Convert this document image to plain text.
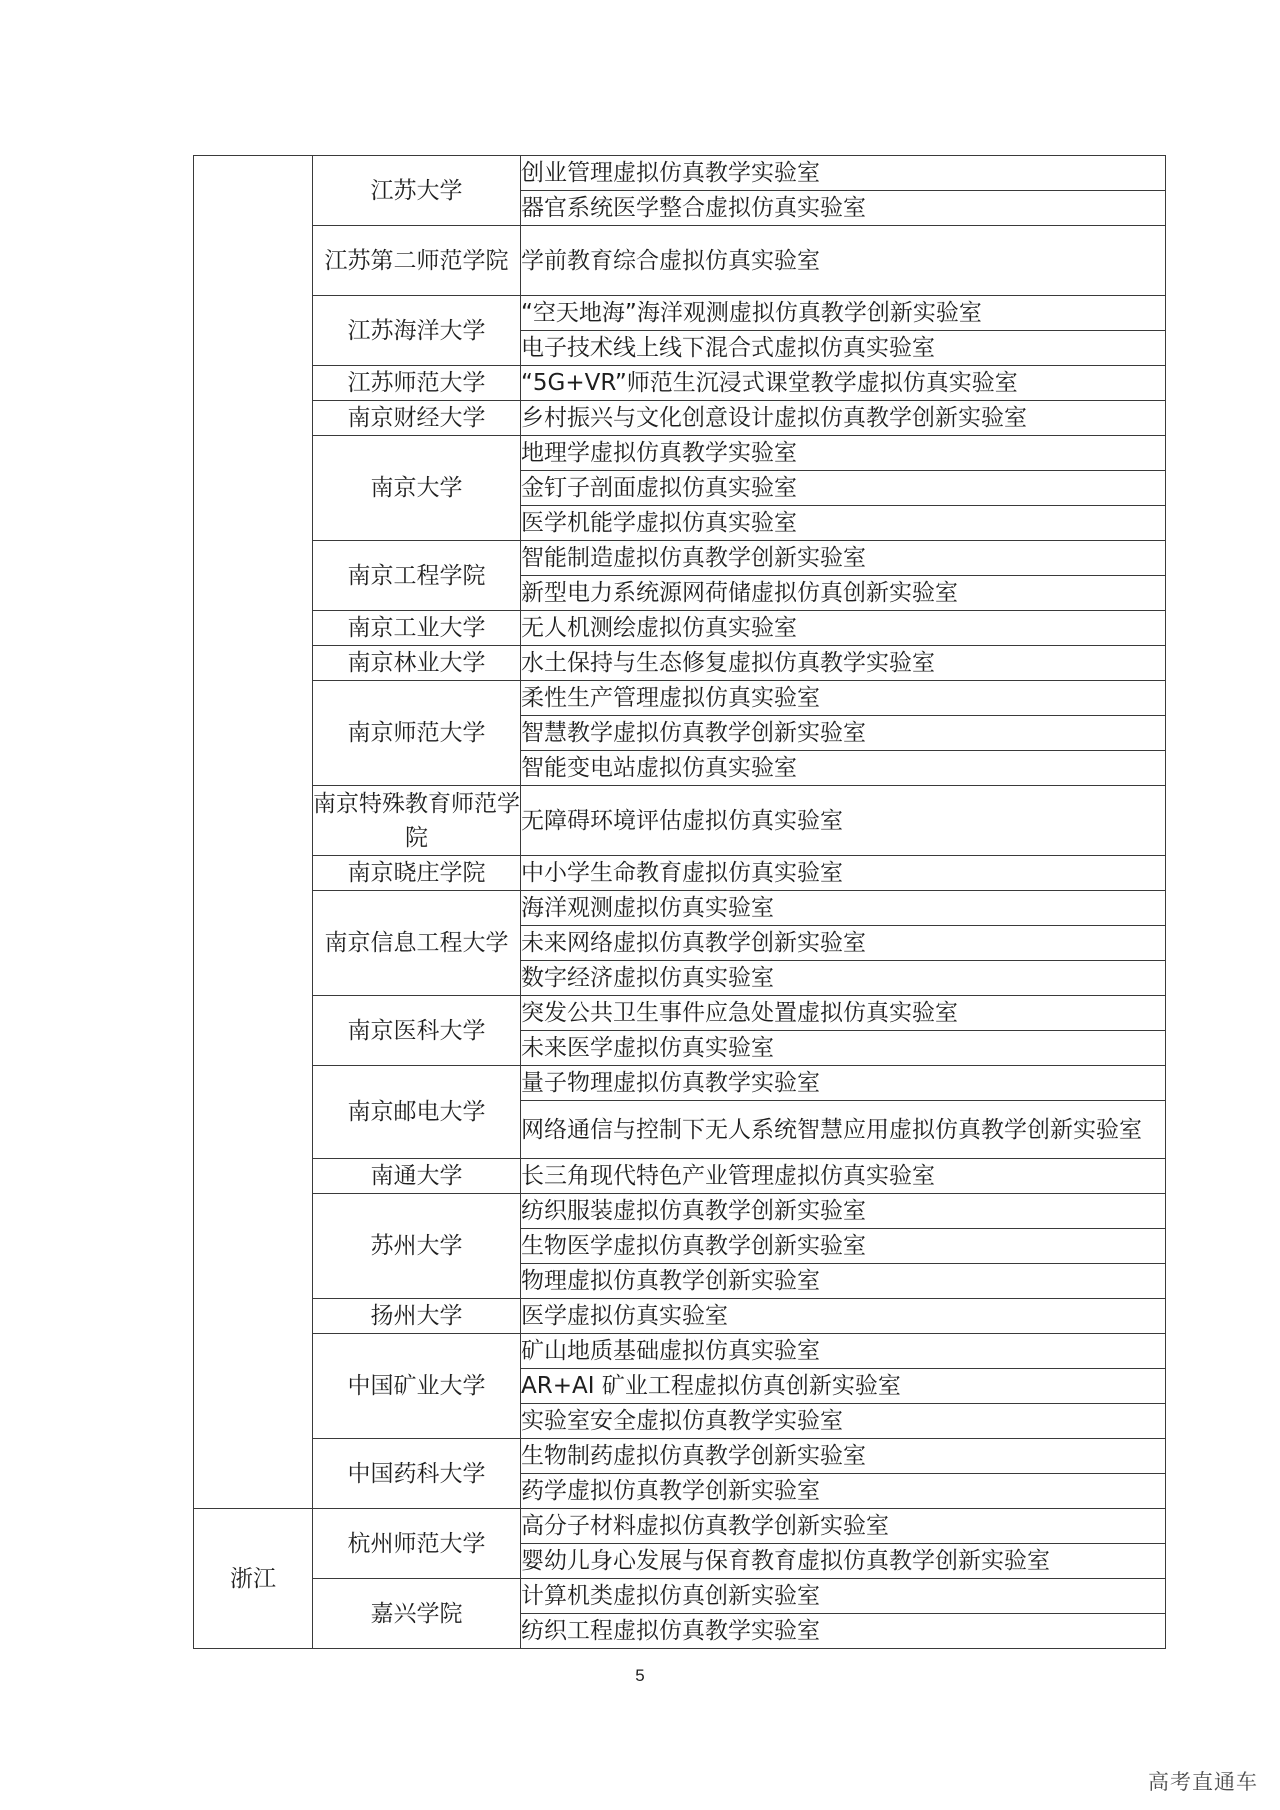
	江苏大学	创业管理虚拟仿真教学实验室
		器官系统医学整合虚拟仿真实验室
	江苏第二师范学院	学前教育综合虚拟仿真实验室
	江苏海洋大学	“空天地海”海洋观测虚拟仿真教学创新实验室
		电子技术线上线下混合式虚拟仿真实验室
	江苏师范大学	“5G+VR”师范生沉浸式课堂教学虚拟仿真实验室
	南京财经大学	乡村振兴与文化创意设计虚拟仿真教学创新实验室
	南京大学	地理学虚拟仿真教学实验室
		金钉子剖面虚拟仿真实验室
		医学机能学虚拟仿真实验室
	南京工程学院	智能制造虚拟仿真教学创新实验室
		新型电力系统源网荷储虚拟仿真创新实验室
	南京工业大学	无人机测绘虚拟仿真实验室
	南京林业大学	水土保持与生态修复虚拟仿真教学实验室
	南京师范大学	柔性生产管理虚拟仿真实验室
		智慧教学虚拟仿真教学创新实验室
		智能变电站虚拟仿真实验室
	南京特殊教育师范学院	无障碍环境评估虚拟仿真实验室
	南京晓庄学院	中小学生命教育虚拟仿真实验室
	南京信息工程大学	海洋观测虚拟仿真实验室
		未来网络虚拟仿真教学创新实验室
		数字经济虚拟仿真实验室
	南京医科大学	突发公共卫生事件应急处置虚拟仿真实验室
		未来医学虚拟仿真实验室
	南京邮电大学	量子物理虚拟仿真教学实验室
		网络通信与控制下无人系统智慧应用虚拟仿真教学创新实验室
	南通大学	长三角现代特色产业管理虚拟仿真实验室
	苏州大学	纺织服装虚拟仿真教学创新实验室
		生物医学虚拟仿真教学创新实验室
		物理虚拟仿真教学创新实验室
	扬州大学	医学虚拟仿真实验室
	中国矿业大学	矿山地质基础虚拟仿真实验室
		AR+AI 矿业工程虚拟仿真创新实验室
		实验室安全虚拟仿真教学实验室
	中国药科大学	生物制药虚拟仿真教学创新实验室
		药学虚拟仿真教学创新实验室
浙江	杭州师范大学	高分子材料虚拟仿真教学创新实验室
		婴幼儿身心发展与保育教育虚拟仿真教学创新实验室
	嘉兴学院	计算机类虚拟仿真创新实验室
		纺织工程虚拟仿真教学实验室
5
高考直通车
